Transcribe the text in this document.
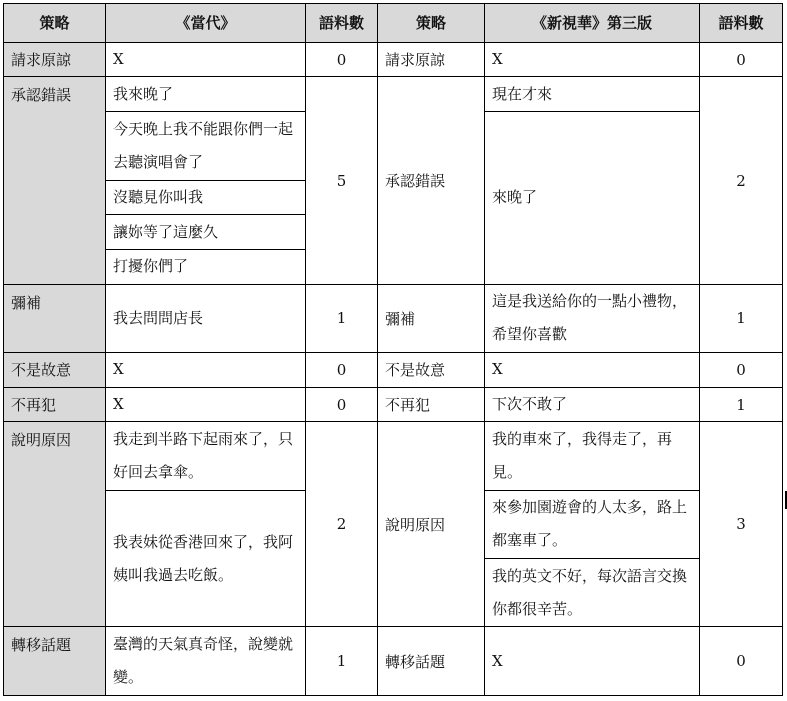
策略	《當代》	語料數	策略	《新視華》第三版	語料數
請求原諒	X	0	請求原諒	X	0
承認錯誤	我來晚了	5	承認錯誤	現在才來	2
	今天晚上我不能跟你們一起去聽演唱會了			來晚了	
	沒聽見你叫我				
	讓妳等了這麼久				
	打擾你們了				
彌補	我去問問店長	1	彌補	這是我送給你的一點小禮物，希望你喜歡	1
不是故意	X	0	不是故意	X	0
不再犯	X	0	不再犯	下次不敢了	1
說明原因	我走到半路下起雨來了，只好回去拿傘。	2	說明原因	我的車來了，我得走了，再見。	3
	我表妹從香港回來了，我阿姨叫我過去吃飯。			來參加園遊會的人太多，路上都塞車了。	
				我的英文不好，每次語言交換你都很辛苦。	
轉移話題	臺灣的天氣真奇怪，說變就變。	1	轉移話題	X	0
